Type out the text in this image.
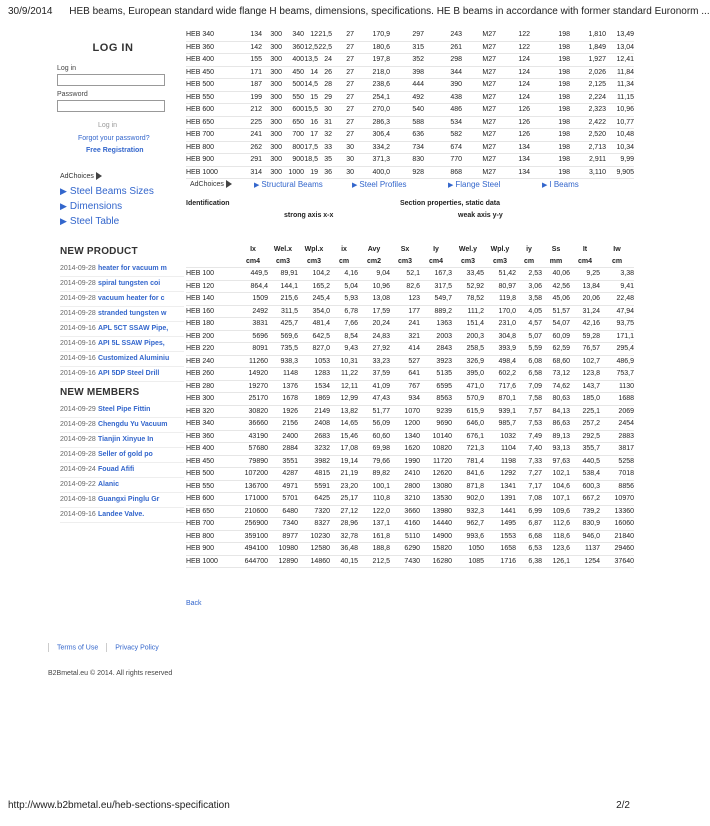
30/9/2014 HEB beams, European standard wide flange H beams, dimensions, specifications. HE B beams in accordance with former standard Euronorm ...
HEB 340	134	300	340	12	21,5	27	170,9	297	243	M27	122	198	1,810	13,49
HEB 360	142	300	360	12,5	22,5	27	180,6	315	261	M27	122	198	1,849	13,04
HEB 400	155	300	400	13,5	24	27	197,8	352	298	M27	124	198	1,927	12,41
HEB 450	171	300	450	14	26	27	218,0	398	344	M27	124	198	2,026	11,84
HEB 500	187	300	500	14,5	28	27	238,6	444	390	M27	124	198	2,125	11,34
HEB 550	199	300	550	15	29	27	254,1	492	438	M27	124	198	2,224	11,15
HEB 600	212	300	600	15,5	30	27	270,0	540	486	M27	126	198	2,323	10,96
HEB 650	225	300	650	16	31	27	286,3	588	534	M27	126	198	2,422	10,77
HEB 700	241	300	700	17	32	27	306,4	636	582	M27	126	198	2,520	10,48
HEB 800	262	300	800	17,5	33	30	334,2	734	674	M27	134	198	2,713	10,34
HEB 900	291	300	900	18,5	35	30	371,3	830	770	M27	134	198	2,911	9,99
HEB 1000	314	300	1000	19	36	30	400,0	928	868	M27	134	198	3,110	9,905
LOG IN
Log in
Password
Log in
Forgot your password?
Free Registration
AdChoices
▶ Steel Beams Sizes
▶ Dimensions
▶ Steel Table
AdChoices	▶ Structural Beams	▶ Steel Profiles	▶ Flange Steel	▶ I Beams
Identification	Section properties, static data
strong axis x-x	weak axis y-y
	Ix	Wel.x	Wpl.x	ix	Avy	Sx	Iy	Wel.y	Wpl.y	iy	Ss	It	Iw
	cm4	cm3	cm3	cm	cm2	cm3	cm4	cm3	cm3	cm	mm	cm4	cm
HEB 100	449,5	89,91	104,2	4,16	9,04	52,1	167,3	33,45	51,42	2,53	40,06	9,25	3,38
HEB 120	864,4	144,1	165,2	5,04	10,96	82,6	317,5	52,92	80,97	3,06	42,56	13,84	9,41
HEB 140	1509	215,6	245,4	5,93	13,08	123	549,7	78,52	119,8	3,58	45,06	20,06	22,48
HEB 160	2492	311,5	354,0	6,78	17,59	177	889,2	111,2	170,0	4,05	51,57	31,24	47,94
HEB 180	3831	425,7	481,4	7,66	20,24	241	1363	151,4	231,0	4,57	54,07	42,16	93,75
HEB 200	5696	569,6	642,5	8,54	24,83	321	2003	200,3	304,8	5,07	60,09	59,28	171,1
HEB 220	8091	735,5	827,0	9,43	27,92	414	2843	258,5	393,9	5,59	62,59	76,57	295,4
HEB 240	11260	938,3	1053	10,31	33,23	527	3923	326,9	498,4	6,08	68,60	102,7	486,9
HEB 260	14920	1148	1283	11,22	37,59	641	5135	395,0	602,2	6,58	73,12	123,8	753,7
HEB 280	19270	1376	1534	12,11	41,09	767	6595	471,0	717,6	7,09	74,62	143,7	1130
HEB 300	25170	1678	1869	12,99	47,43	934	8563	570,9	870,1	7,58	80,63	185,0	1688
HEB 320	30820	1926	2149	13,82	51,77	1070	9239	615,9	939,1	7,57	84,13	225,1	2069
HEB 340	36660	2156	2408	14,65	56,09	1200	9690	646,0	985,7	7,53	86,63	257,2	2454
HEB 360	43190	2400	2683	15,46	60,60	1340	10140	676,1	1032	7,49	89,13	292,5	2883
HEB 400	57680	2884	3232	17,08	69,98	1620	10820	721,3	1104	7,40	93,13	355,7	3817
HEB 450	79890	3551	3982	19,14	79,66	1990	11720	781,4	1198	7,33	97,63	440,5	5258
HEB 500	107200	4287	4815	21,19	89,82	2410	12620	841,6	1292	7,27	102,1	538,4	7018
HEB 550	136700	4971	5591	23,20	100,1	2800	13080	871,8	1341	7,17	104,6	600,3	8856
HEB 600	171000	5701	6425	25,17	110,8	3210	13530	902,0	1391	7,08	107,1	667,2	10970
HEB 650	210600	6480	7320	27,12	122,0	3660	13980	932,3	1441	6,99	109,6	739,2	13360
HEB 700	256900	7340	8327	28,96	137,1	4160	14440	962,7	1495	6,87	112,6	830,9	16060
HEB 800	359100	8977	10230	32,78	161,8	5110	14900	993,6	1553	6,68	118,6	946,0	21840
HEB 900	494100	10980	12580	36,48	188,8	6290	15820	1050	1658	6,53	123,6	1137	29460
HEB 1000	644700	12890	14860	40,15	212,5	7430	16280	1085	1716	6,38	126,1	1254	37640
NEW PRODUCT
2014-09-28 heater for vacuum m
2014-09-28 spiral tungsten coi
2014-09-28 vacuum heater for c
2014-09-28 stranded tungsten w
2014-09-16 APL 5CT SSAW Pipe,
2014-09-16 API 5L SSAW Pipes,
2014-09-16 Customized Aluminiu
2014-09-16 API 5DP Steel Drill
NEW MEMBERS
2014-09-29 Steel Pipe Fittin
2014-09-28 Chengdu Yu Vacuum
2014-09-28 Tianjin Xinyue In
2014-09-28 Seller of gold po
2014-09-24 Fouad Afifi
2014-09-22 Alanic
2014-09-18 Guangxi Pinglu Gr
2014-09-16 Landee Valve.
Back
Terms of Use Privacy Policy
B2Bmetal.eu © 2014. All rights reserved
http://www.b2bmetal.eu/heb-sections-specification	2/2
